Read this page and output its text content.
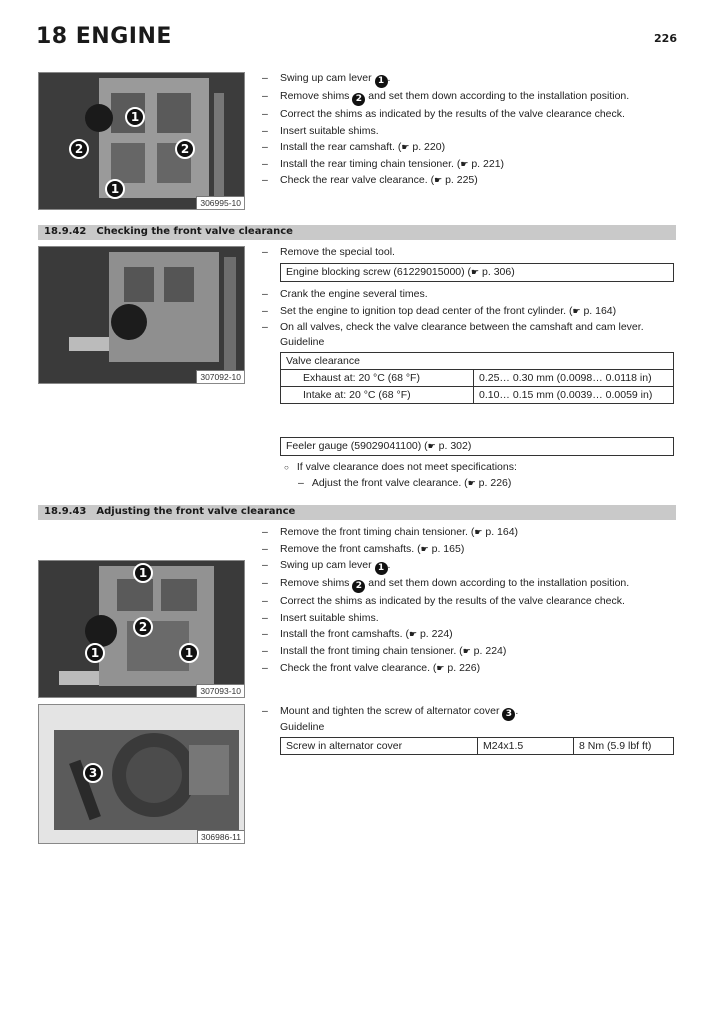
18 ENGINE	226
1
2	2
1
306995-10
– Swing up cam lever 1 .
– Remove shims 2 and set them down according to the installation position.
– Correct the shims as indicated by the results of the valve clearance check.
– Insert suitable shims.
– Install the rear camshaft. (☛ p. 220)
– Install the rear timing chain tensioner. (☛ p. 221)
– Check the rear valve clearance. (☛ p. 225)
18.9.42 Checking the front valve clearance
307092-10
– Remove the special tool.
Engine blocking screw (61229015000) (☛ p. 306)
– Crank the engine several times.
– Set the engine to ignition top dead center of the front cylinder. (☛ p. 164)
– On all valves, check the valve clearance between the camshaft and cam lever.
Guideline
Valve clearance	
Exhaust at: 20 °C (68 °F)	0.25… 0.30 mm (0.0098… 0.0118 in)
Intake at: 20 °C (68 °F)	0.10… 0.15 mm (0.0039… 0.0059 in)
Feeler gauge (59029041100) (☛ p. 302)
○ If valve clearance does not meet specifications:
– Adjust the front valve clearance. (☛ p. 226)
18.9.43 Adjusting the front valve clearance
– Remove the front timing chain tensioner. (☛ p. 164)
– Remove the front camshafts. (☛ p. 165)
– Swing up cam lever 1 .
– Remove shims 2 and set them down according to the installation position.
– Correct the shims as indicated by the results of the valve clearance check.
– Insert suitable shims.
– Install the front camshafts. (☛ p. 224)
– Install the front timing chain tensioner. (☛ p. 224)
– Check the front valve clearance. (☛ p. 226)
1
2
1	1
307093-10
3
306986-11
– Mount and tighten the screw of alternator cover 3 .
Guideline
Screw in alternator cover	M24x1.5	8 Nm (5.9 lbf ft)
